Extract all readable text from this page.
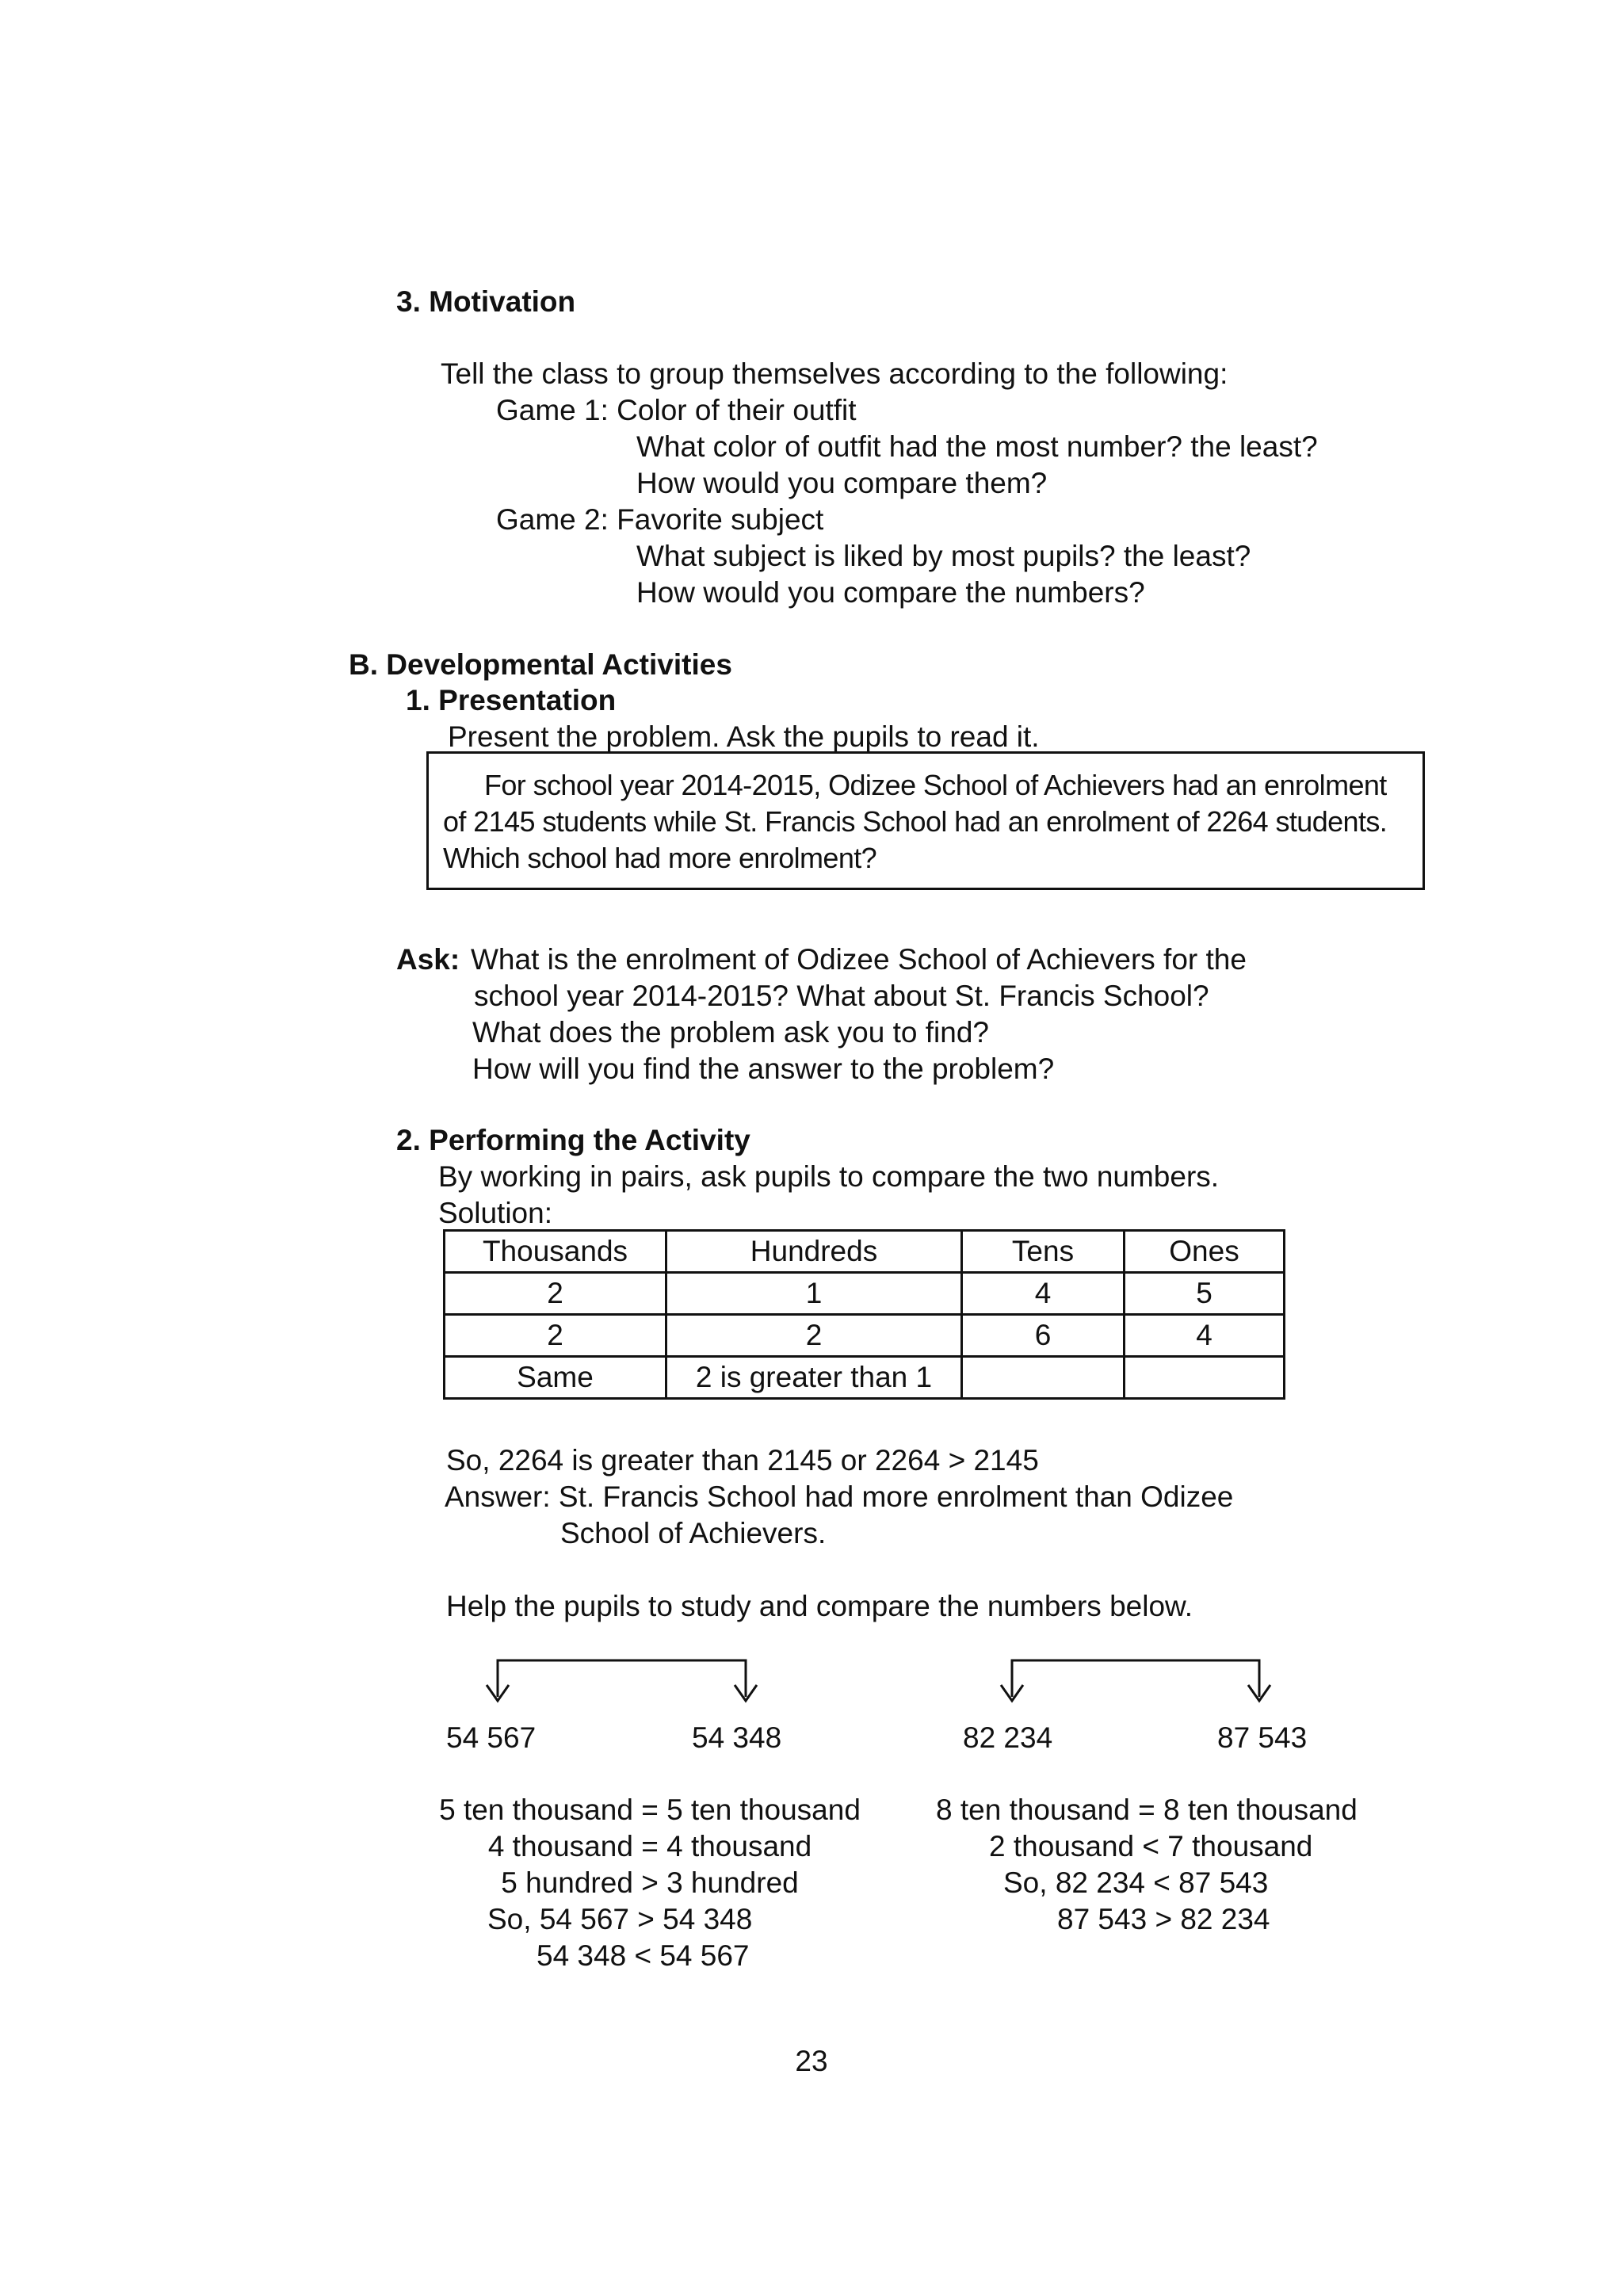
3. Motivation
Tell the class to group themselves according to the following:
Game 1: Color of their outfit
What color of outfit had the most number? the least?
How would you compare them?
Game 2: Favorite subject
What subject is liked by most pupils? the least?
How would you compare the numbers?
B. Developmental Activities
1. Presentation
Present the problem. Ask the pupils to read it.
For school year 2014-2015, Odizee School of Achievers had an enrolment
of 2145 students while St. Francis School had an enrolment of 2264 students.
Which school had more enrolment?
Ask: What is the enrolment of Odizee School of Achievers for the
school year 2014-2015? What about St. Francis School?
What does the problem ask you to find?
How will you find the answer to the problem?
2. Performing the Activity
By working in pairs, ask pupils to compare the two numbers.
Solution:
Thousands	Hundreds	Tens	Ones
2	1	4	5
2	2	6	4
Same	2 is greater than 1		
So, 2264 is greater than 2145 or 2264 > 2145
Answer: St. Francis School had more enrolment than Odizee
School of Achievers.
Help the pupils to study and compare the numbers below.
54 567	54 348
5 ten thousand = 5 ten thousand
4 thousand = 4 thousand
5 hundred > 3 hundred
So, 54 567 > 54 348
54 348 < 54 567
82 234	87 543
8 ten thousand = 8 ten thousand
2 thousand < 7 thousand
So, 82 234 < 87 543
87 543 > 82 234
23
